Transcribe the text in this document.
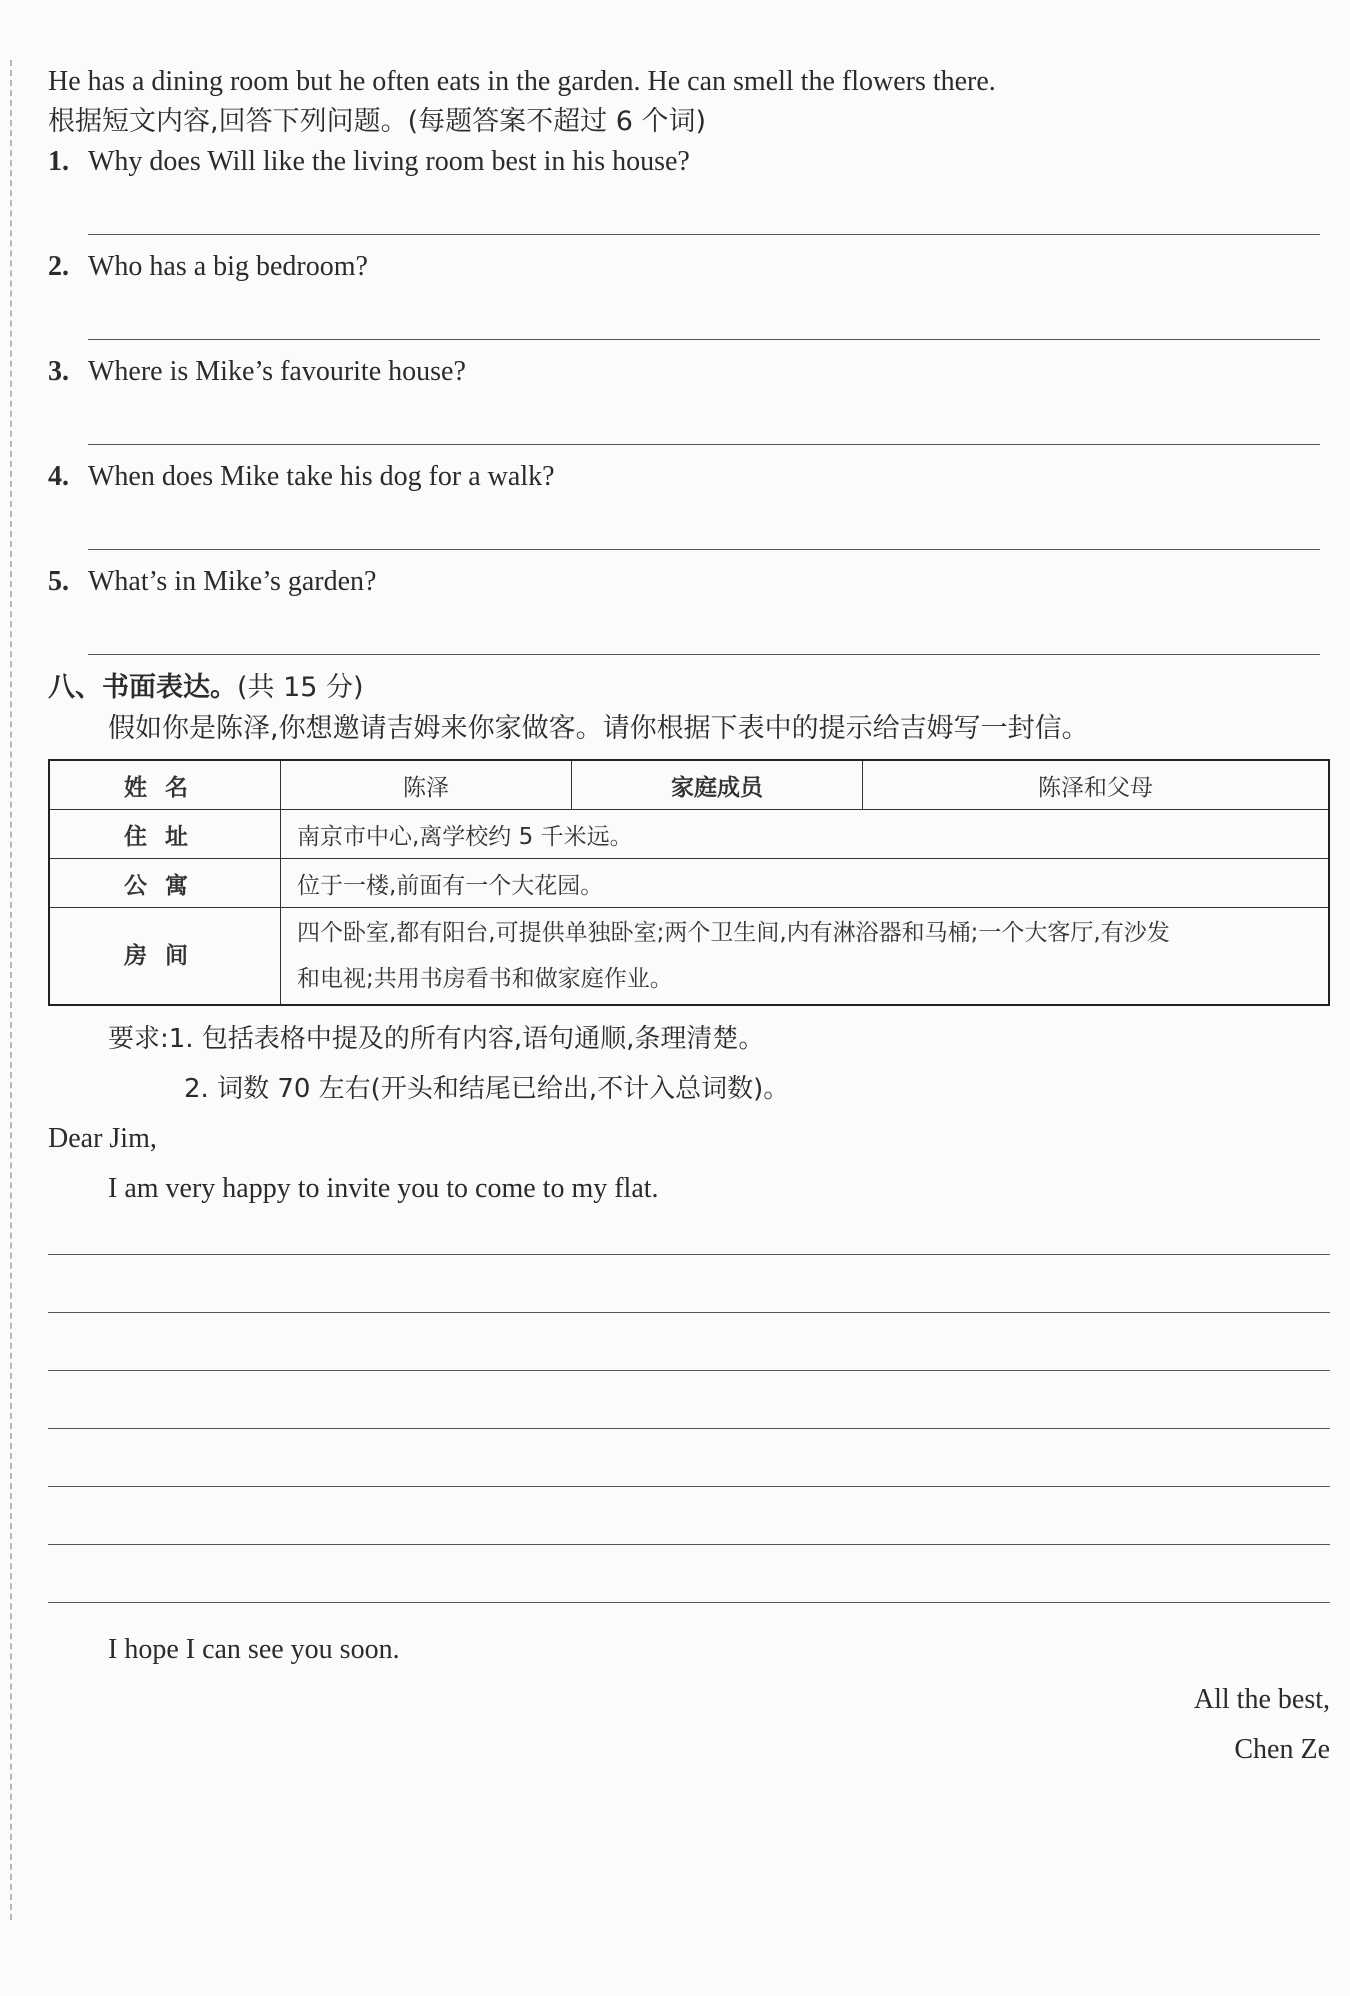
He has a dining room but he often eats in the garden. He can smell the flowers there.
根据短文内容,回答下列问题。(每题答案不超过 6 个词)
1. Why does Will like the living room best in his house?
2. Who has a big bedroom?
3. Where is Mike’s favourite house?
4. When does Mike take his dog for a walk?
5. What’s in Mike’s garden?
八、书面表达。(共 15 分)
假如你是陈泽,你想邀请吉姆来你家做客。请你根据下表中的提示给吉姆写一封信。
姓名	陈泽	家庭成员	陈泽和父母
住址	南京市中心,离学校约 5 千米远。		
公寓	位于一楼,前面有一个大花园。		
房间	四个卧室,都有阳台,可提供单独卧室;两个卫生间,内有淋浴器和马桶;一个大客厅,有沙发
和电视;共用书房看书和做家庭作业。		
要求:1. 包括表格中提及的所有内容,语句通顺,条理清楚。
2. 词数 70 左右(开头和结尾已给出,不计入总词数)。
Dear Jim,
I am very happy to invite you to come to my flat.
I hope I can see you soon.
All the best,
Chen Ze
